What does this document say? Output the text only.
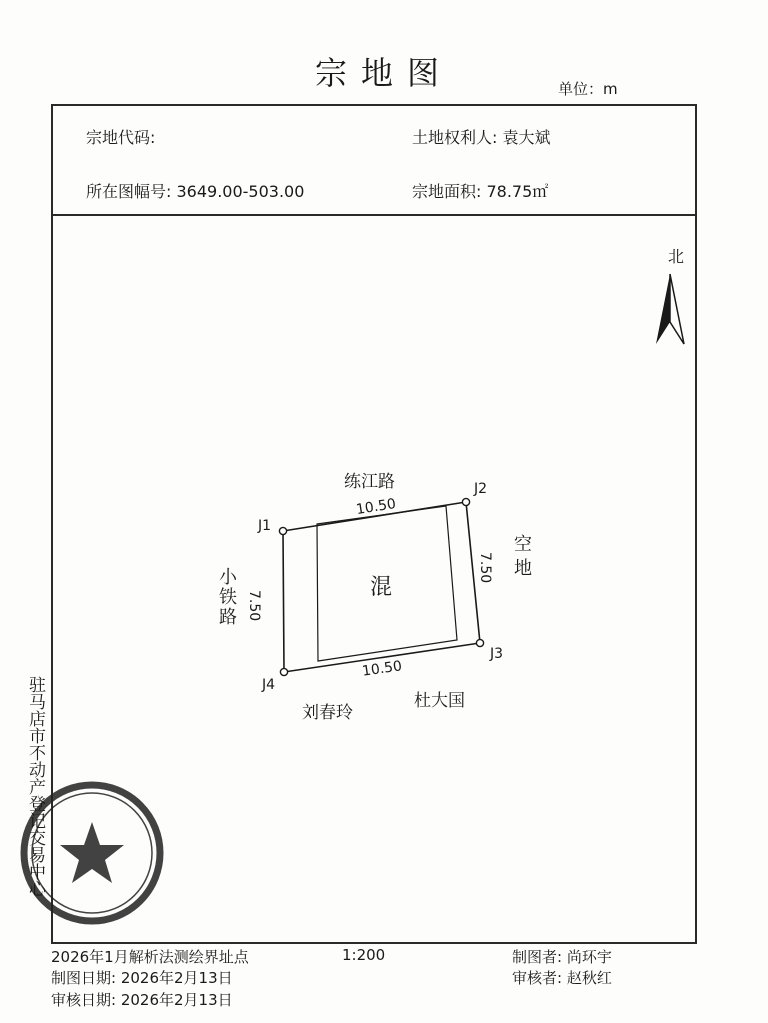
宗地图	单位：m
宗地代码:	土地权利人: 袁大斌
所在图幅号: 3649.00-503.00	宗地面积: 78.75㎡
J1
J2
J3
J4
10.50
10.50
7.50
7.50
北
练江路
小铁路
空地
刘春玲
杜大国
混
驻马店市不动产登记交易中心
2026年1月解析法测绘界址点	1:200	制图者: 尚环宇
制图日期: 2026年2月13日	审核者: 赵秋红
审核日期: 2026年2月13日
